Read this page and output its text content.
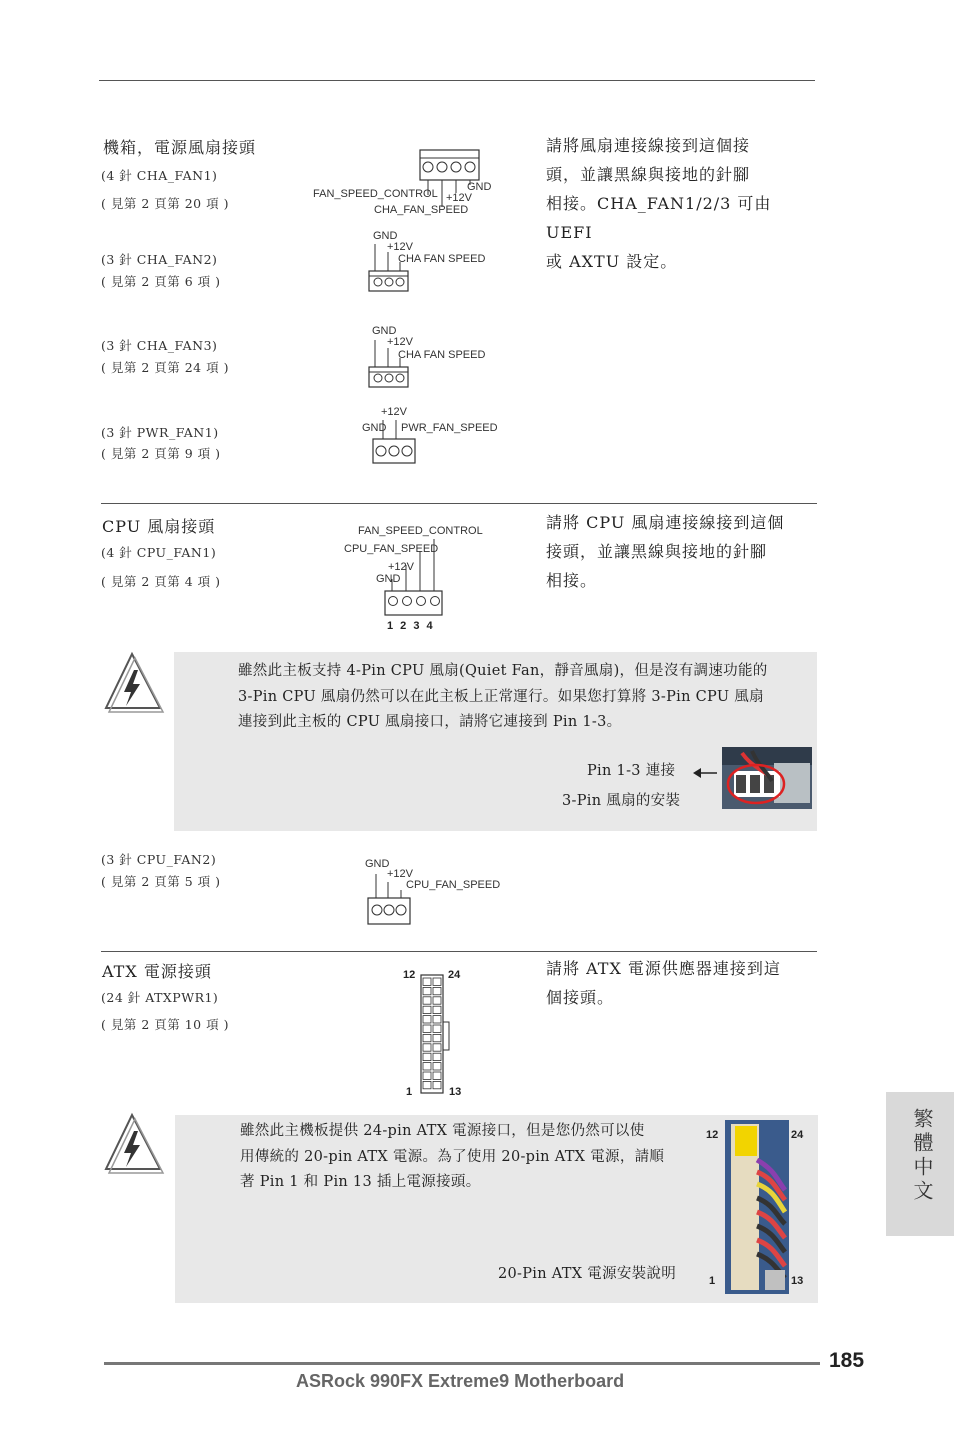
機箱，電源風扇接頭
(4 針 CHA_FAN1)
( 見第 2 頁第 20 項 )
(3 針 CHA_FAN2)
( 見第 2 頁第 6 項 )
(3 針 CHA_FAN3)
( 見第 2 頁第 24 項 )
(3 針 PWR_FAN1)
( 見第 2 頁第 9 項 )
請將風扇連接線接到這個接
頭，並讓黑線與接地的針腳
相接。CHA_FAN1/2/3 可由 UEFI
或 AXTU 設定。
GND
+12V
FAN_SPEED_CONTROL
CHA_FAN_SPEED
GND
+12V
CHA FAN SPEED
GND
+12V
CHA FAN SPEED
+12V
GND PWR_FAN_SPEED
CPU 風扇接頭
(4 針 CPU_FAN1)
( 見第 2 頁第 4 項 )
請將 CPU 風扇連接線接到這個
接頭，並讓黑線與接地的針腳
相接。
FAN_SPEED_CONTROL
CPU_FAN_SPEED
+12V
GND
1 2 3 4
雖然此主板支持 4-Pin CPU 風扇(Quiet Fan，靜音風扇)，但是沒有調速功能的
3-Pin CPU 風扇仍然可以在此主板上正常運行。如果您打算將 3-Pin CPU 風扇
連接到此主板的 CPU 風扇接口，請將它連接到 Pin 1-3。
Pin 1-3 連接
3-Pin 風扇的安裝
(3 針 CPU_FAN2)
( 見第 2 頁第 5 項 )
GND
+12V
CPU_FAN_SPEED
ATX 電源接頭
(24 針 ATXPWR1)
( 見第 2 頁第 10 項 )
請將 ATX 電源供應器連接到這
個接頭。
12	24
1	13
雖然此主機板提供 24-pin ATX 電源接口，但是您仍然可以使
用傳統的 20-pin ATX 電源。為了使用 20-pin ATX 電源，請順
著 Pin 1 和 Pin 13 插上電源接頭。
20-Pin ATX 電源安裝說明
12	24
1	13
繁體中文
185
ASRock 990FX Extreme9 Motherboard
